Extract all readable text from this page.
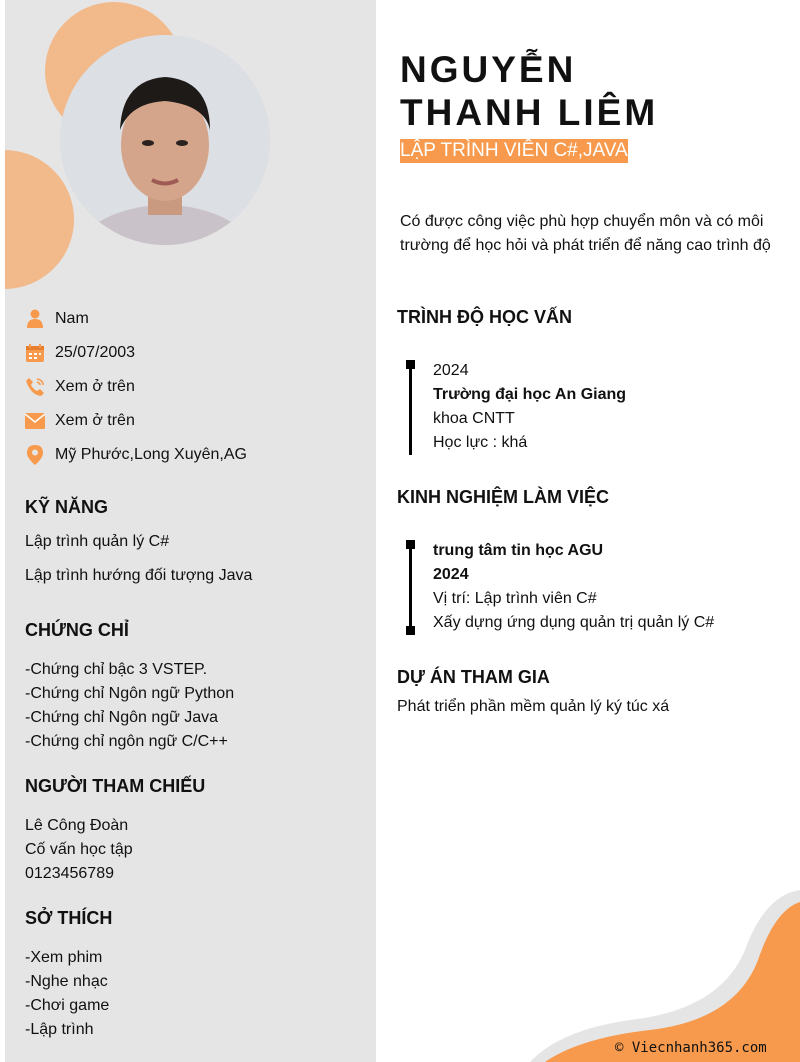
Nam
25/07/2003
Xem ở trên
Xem ở trên
Mỹ Phước,Long Xuyên,AG
KỸ NĂNG
Lập trình quản lý C#
Lập trình hướng đối tượng Java
CHỨNG CHỈ
-Chứng chỉ bậc 3 VSTEP.
-Chứng chỉ Ngôn ngữ Python
-Chứng chỉ Ngôn ngữ Java
-Chứng chỉ ngôn ngữ C/C++
NGƯỜI THAM CHIẾU
Lê Công Đoàn
Cố vấn học tập
0123456789
SỞ THÍCH
-Xem phim
-Nghe nhạc
-Chơi game
-Lập trình
NGUYỄN THANH LIÊM
LẬP TRÌNH VIÊN C#,JAVA
Có được công việc phù hợp chuyển môn và có môi
trường để học hỏi và phát triển để năng cao trình độ
TRÌNH ĐỘ HỌC VẤN
2024
Trường đại học An Giang
khoa CNTT
Học lực : khá
KINH NGHIỆM LÀM VIỆC
trung tâm tin học AGU
2024
Vị trí: Lập trình viên C#
Xấy dựng ứng dụng quản trị quản lý C#
DỰ ÁN THAM GIA
Phát triển phần mềm quản lý ký túc xá
© Viecnhanh365.com
